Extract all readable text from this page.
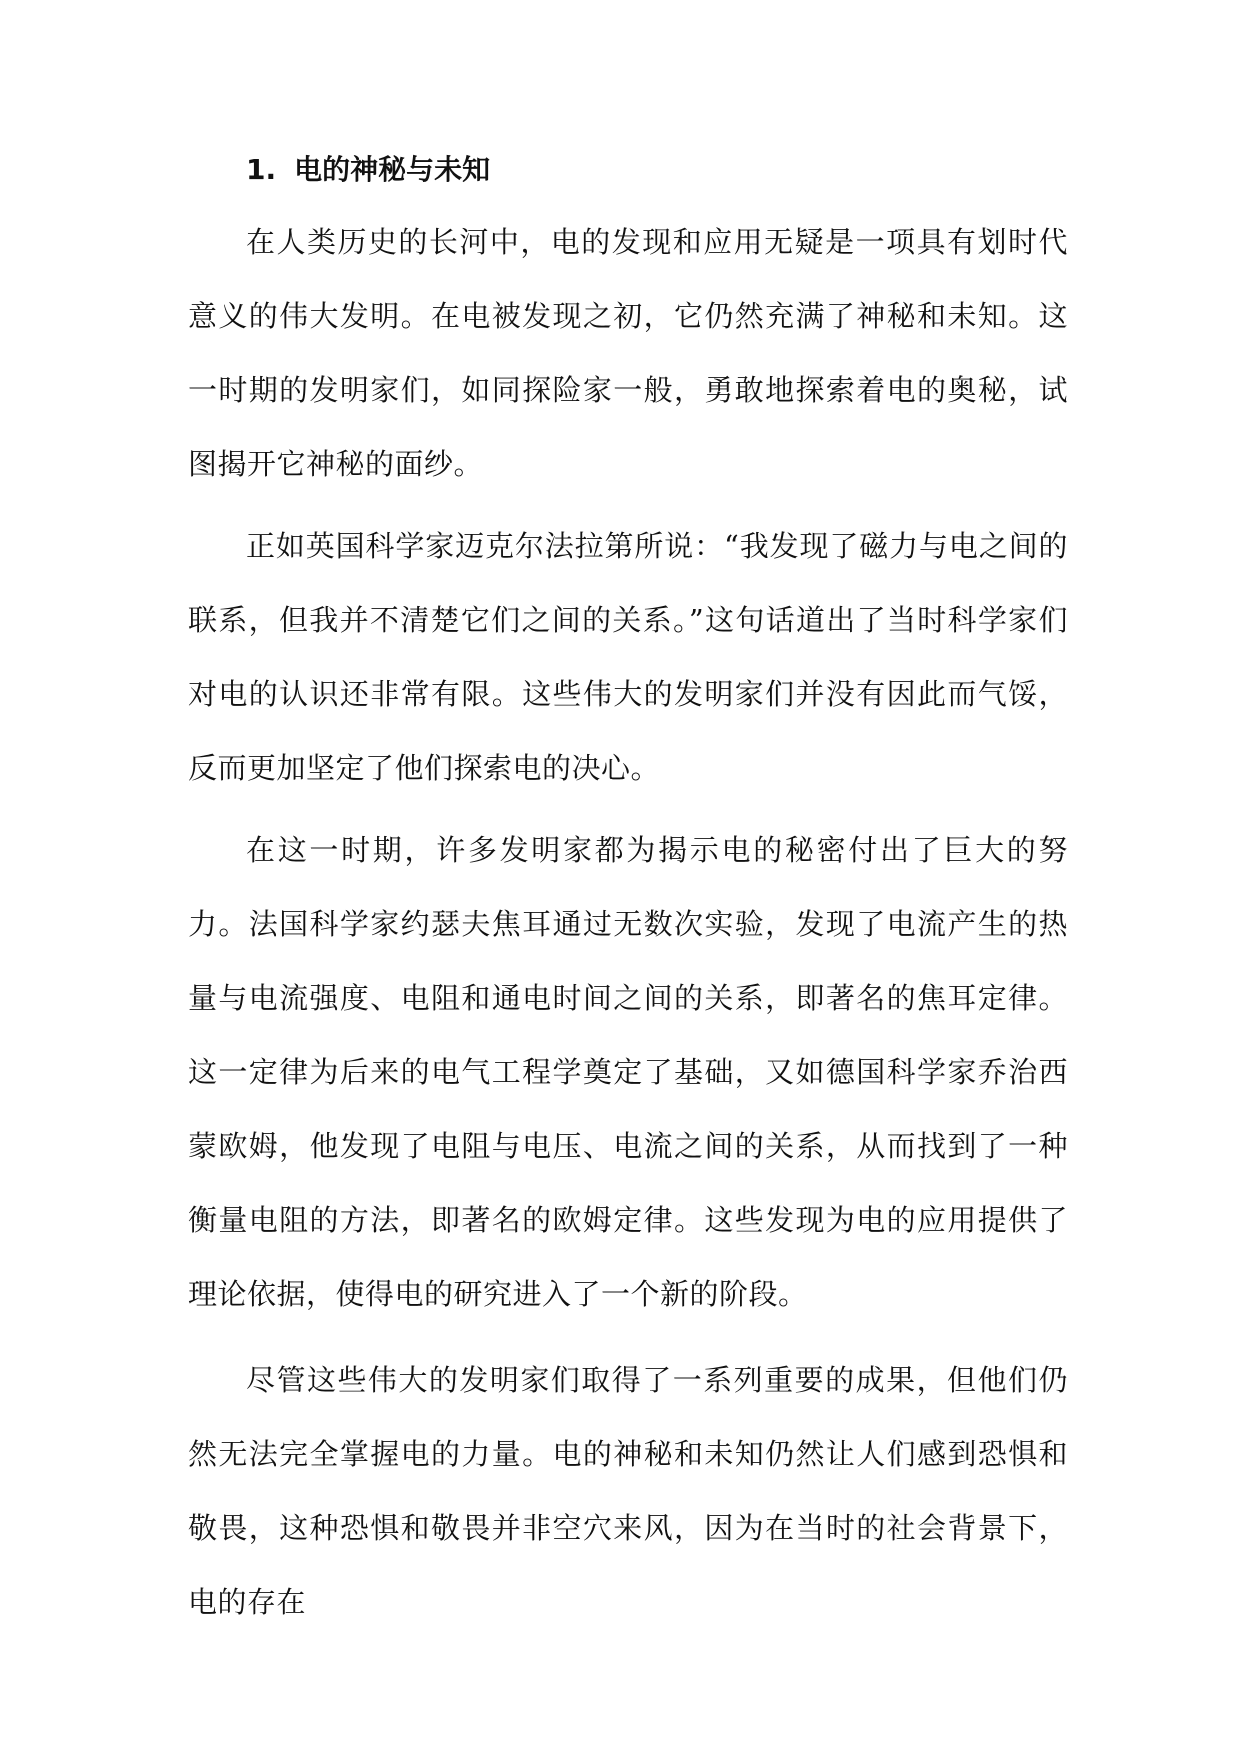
1. 电的神秘与未知

在人类历史的长河中，电的发现和应用无疑是一项具有划时代意义的伟大发明。在电被发现之初，它仍然充满了神秘和未知。这一时期的发明家们，如同探险家一般，勇敢地探索着电的奥秘，试图揭开它神秘的面纱。

正如英国科学家迈克尔法拉第所说：“我发现了磁力与电之间的联系，但我并不清楚它们之间的关系。”这句话道出了当时科学家们对电的认识还非常有限。这些伟大的发明家们并没有因此而气馁，反而更加坚定了他们探索电的决心。

在这一时期，许多发明家都为揭示电的秘密付出了巨大的努力。法国科学家约瑟夫焦耳通过无数次实验，发现了电流产生的热量与电流强度、电阻和通电时间之间的关系，即著名的焦耳定律。这一定律为后来的电气工程学奠定了基础，又如德国科学家乔治西蒙欧姆，他发现了电阻与电压、电流之间的关系，从而找到了一种衡量电阻的方法，即著名的欧姆定律。这些发现为电的应用提供了理论依据，使得电的研究进入了一个新的阶段。

尽管这些伟大的发明家们取得了一系列重要的成果，但他们仍然无法完全掌握电的力量。电的神秘和未知仍然让人们感到恐惧和敬畏，这种恐惧和敬畏并非空穴来风，因为在当时的社会背景下，电的存在
